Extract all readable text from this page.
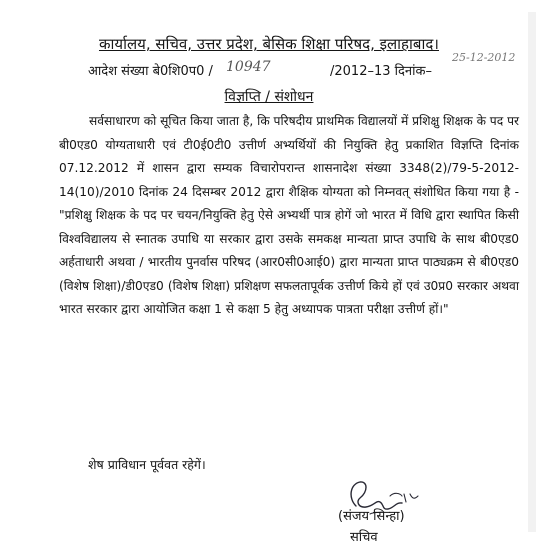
कार्यालय, सचिव, उत्तर प्रदेश, बेसिक शिक्षा परिषद, इलाहाबाद।
आदेश संख्या बे0शि0प0 / 10947	/2012–13 दिनांक–
25-12-2012
विज्ञप्ति / संशोधन

सर्वसाधारण को सूचित किया जाता है, कि परिषदीय प्राथमिक विद्यालयों में प्रशिक्षु शिक्षक के पद पर बी0एड0 योग्यताधारी एवं टी0ई0टी0 उत्तीर्ण अभ्यर्थियों की नियुक्ति हेतु प्रकाशित विज्ञप्ति दिनांक 07.12.2012 में शासन द्वारा सम्यक विचारोपरान्त शासनादेश संख्या 3348(2)/79-5-2012-14(10)/2010 दिनांक 24 दिसम्बर 2012 द्वारा शैक्षिक योग्यता को निम्नवत् संशोधित किया गया है - "प्रशिक्षु शिक्षक के पद पर चयन/नियुक्ति हेतु ऐसे अभ्यर्थी पात्र होगें जो भारत में विधि द्वारा स्थापित किसी विश्वविद्यालय से स्नातक उपाधि या सरकार द्वारा उसके समकक्ष मान्यता प्राप्त उपाधि के साथ बी0एड0 अर्हताधारी अथवा / भारतीय पुनर्वास परिषद (आर0सी0आई0) द्वारा मान्यता प्राप्त पाठ्यक्रम से बी0एड0 (विशेष शिक्षा)/डी0एड0 (विशेष शिक्षा) प्रशिक्षण सफलतापूर्वक उत्तीर्ण किये हों एवं उ0प्र0 सरकार अथवा भारत सरकार द्वारा आयोजित कक्षा 1 से कक्षा 5 हेतु अध्यापक पात्रता परीक्षा उत्तीर्ण हों।"

शेष प्राविधान पूर्ववत रहेगें।

(संजय सिन्हा)
सचिव
